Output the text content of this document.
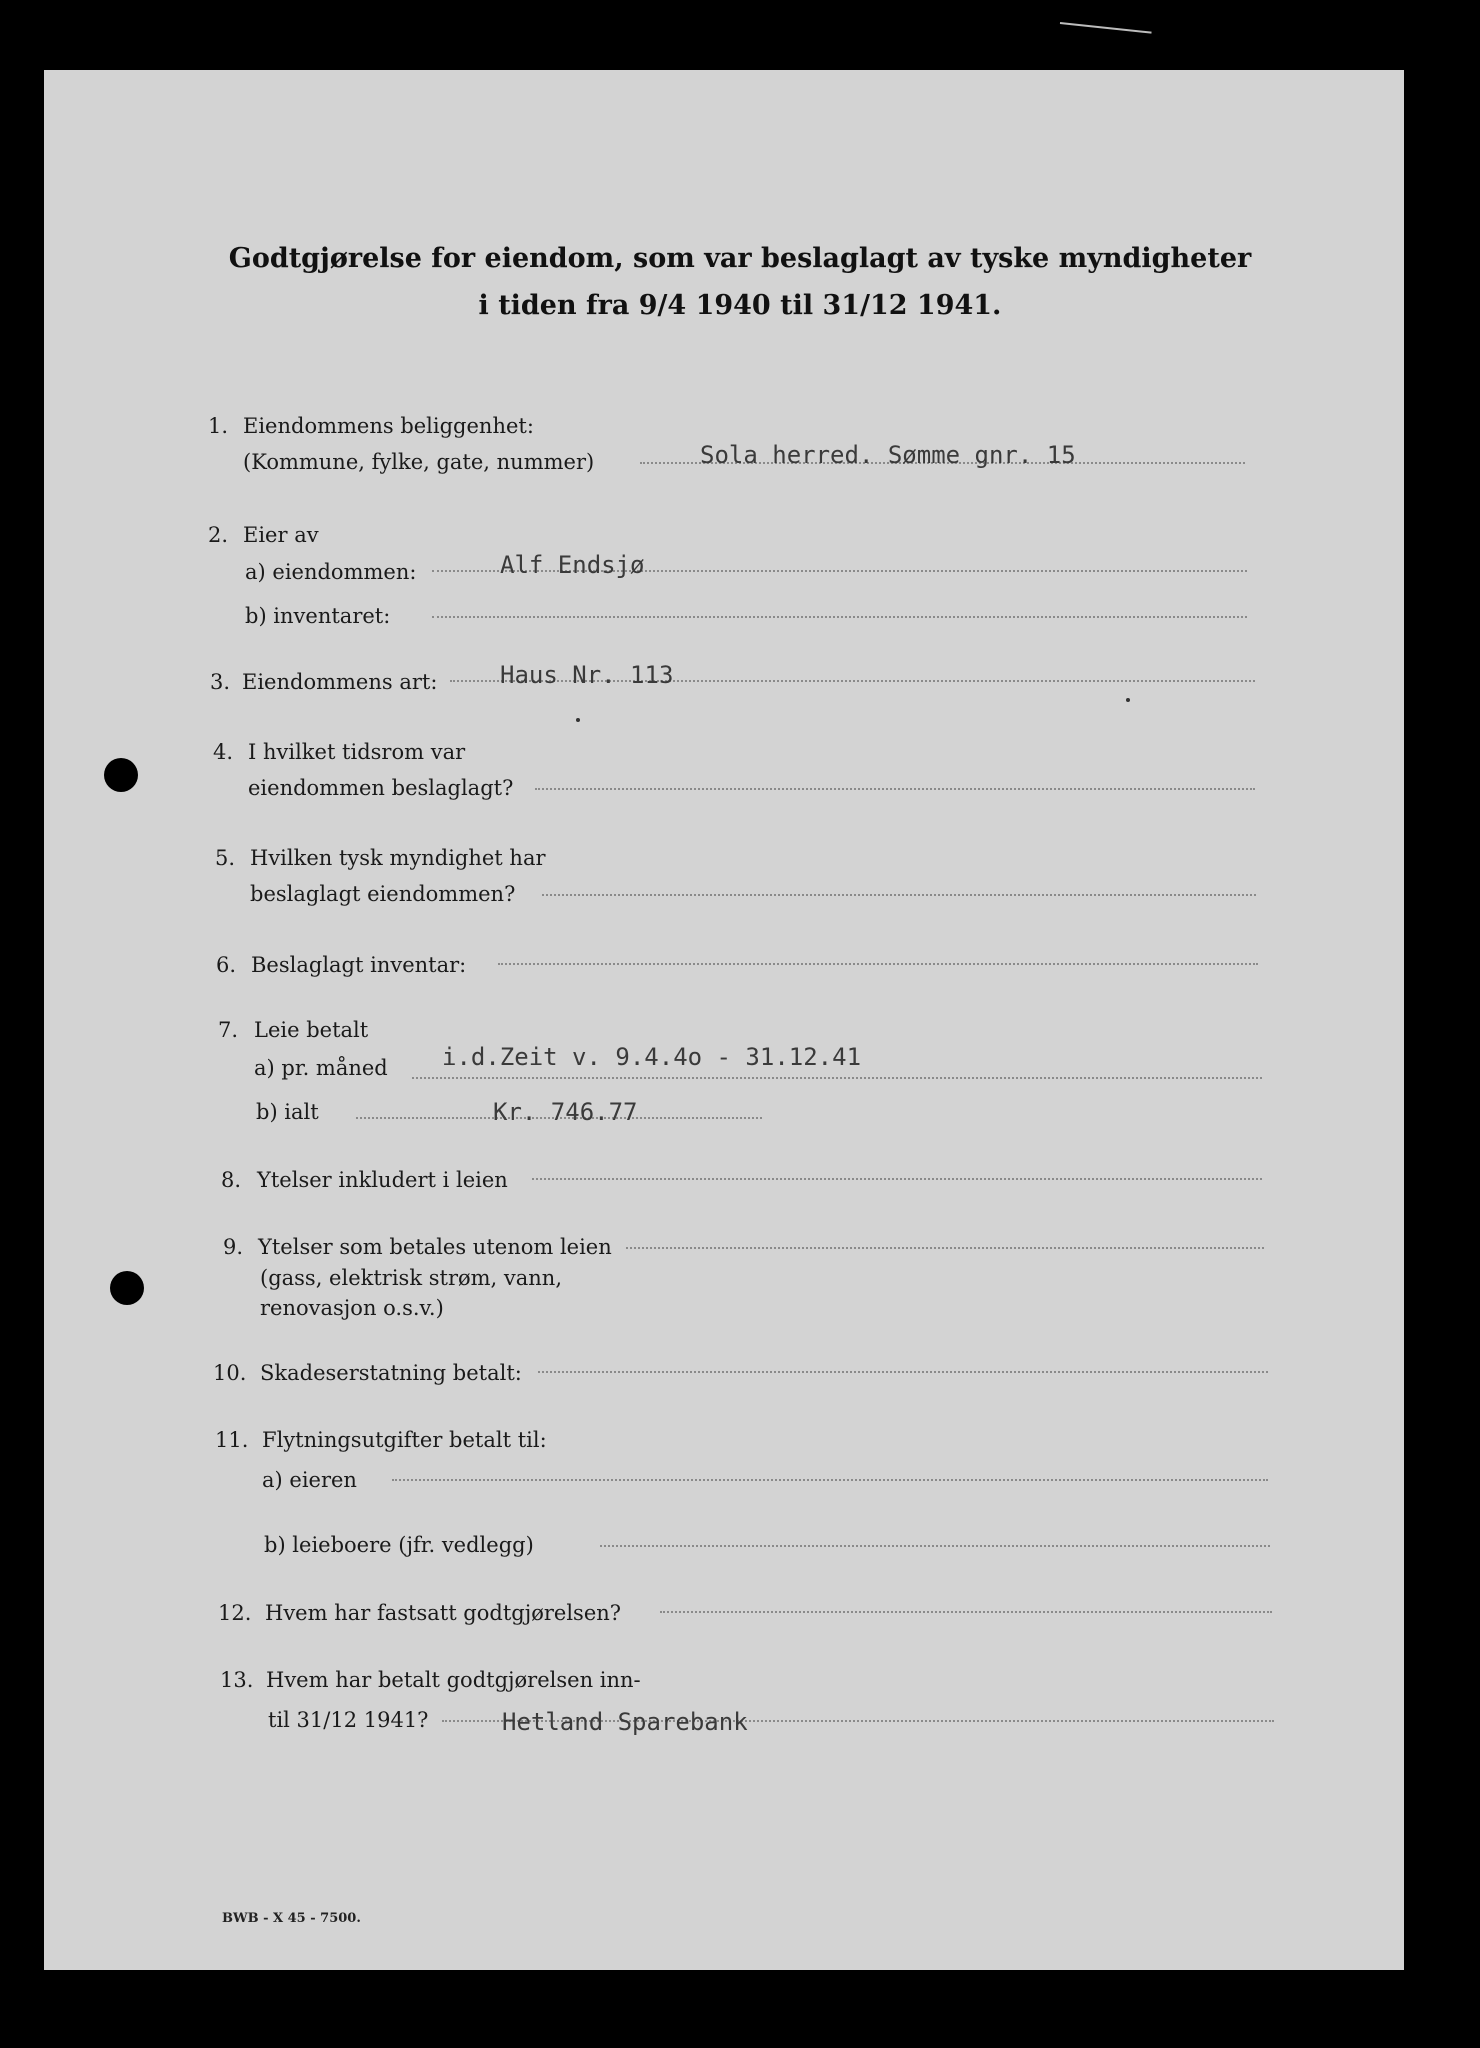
Godtgjørelse for eiendom, som var beslaglagt av tyske myndigheter
i tiden fra 9/4 1940 til 31/12 1941.
1. Eiendommens beliggenhet:
(Kommune, fylke, gate, nummer)	Sola herred. Sømme gnr. 15
2. Eier av
a) eiendommen:	Alf Endsjø
b) inventaret:
3. Eiendommens art:	Haus Nr. 113
4. I hvilket tidsrom var
eiendommen beslaglagt?
5. Hvilken tysk myndighet har
beslaglagt eiendommen?
6. Beslaglagt inventar:
7. Leie betalt
a) pr. måned i.d.Zeit v. 9.4.4o - 31.12.41
b) ialt	Kr. 746.77
8. Ytelser inkludert i leien
9. Ytelser som betales utenom leien
(gass, elektrisk strøm, vann,
renovasjon o.s.v.)
10. Skadeserstatning betalt:
11. Flytningsutgifter betalt til:
a) eieren
b) leieboere (jfr. vedlegg)
12. Hvem har fastsatt godtgjørelsen?
13. Hvem har betalt godtgjørelsen inn-
til 31/12 1941?	Hetland Sparebank
BWB - X 45 - 7500.
